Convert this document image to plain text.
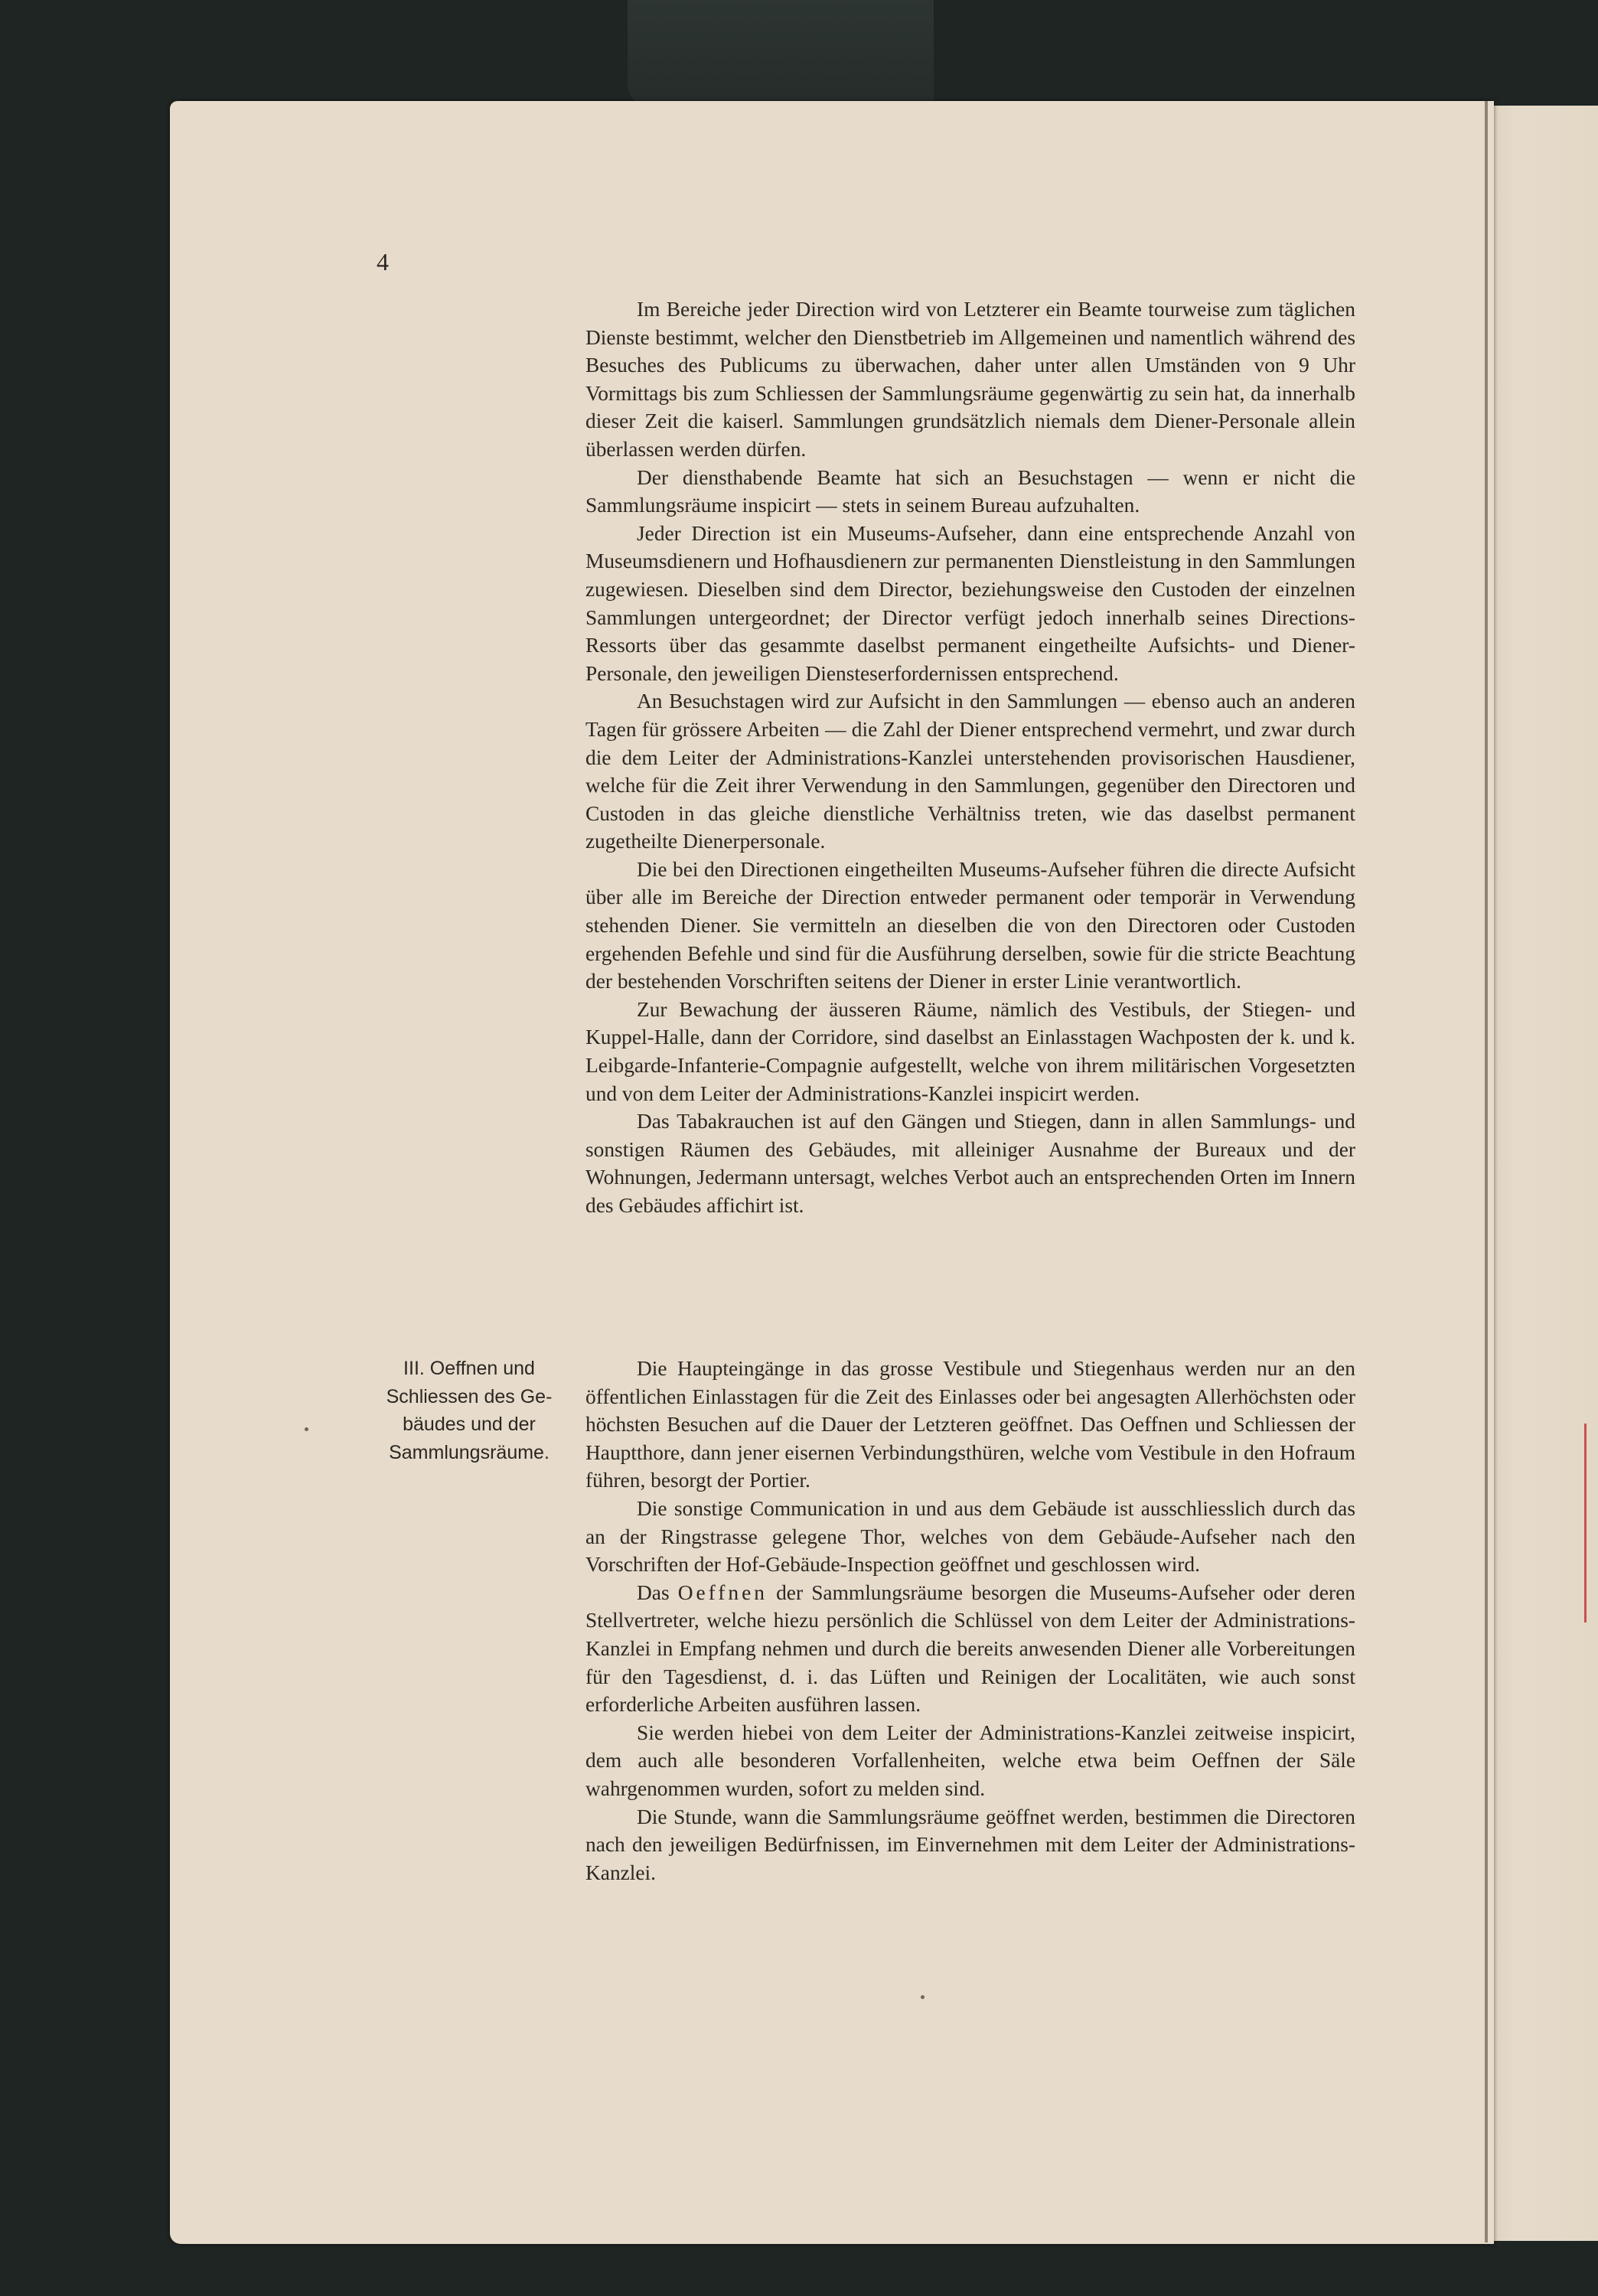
4

Im Bereiche jeder Direction wird von Letzterer ein Beamte tourweise zum täglichen Dienste bestimmt, welcher den Dienstbetrieb im Allgemeinen und namentlich während des Besuches des Publicums zu überwachen, daher unter allen Umständen von 9 Uhr Vormittags bis zum Schliessen der Sammlungsräume gegenwärtig zu sein hat, da innerhalb dieser Zeit die kaiserl. Sammlungen grundsätzlich niemals dem Diener-Personale allein überlassen werden dürfen.

Der diensthabende Beamte hat sich an Besuchstagen — wenn er nicht die Sammlungsräume inspicirt — stets in seinem Bureau aufzuhalten.

Jeder Direction ist ein Museums-Aufseher, dann eine entsprechende Anzahl von Museumsdienern und Hofhausdienern zur permanenten Dienstleistung in den Sammlungen zugewiesen. Dieselben sind dem Director, beziehungsweise den Custoden der einzelnen Sammlungen untergeordnet; der Director verfügt jedoch innerhalb seines Directions-Ressorts über das gesammte daselbst permanent eingetheilte Aufsichts- und Diener-Personale, den jeweiligen Diensteserfordernissen entsprechend.

An Besuchstagen wird zur Aufsicht in den Sammlungen — ebenso auch an anderen Tagen für grössere Arbeiten — die Zahl der Diener entsprechend vermehrt, und zwar durch die dem Leiter der Administrations-Kanzlei unterstehenden provisorischen Hausdiener, welche für die Zeit ihrer Verwendung in den Sammlungen, gegenüber den Directoren und Custoden in das gleiche dienstliche Verhältniss treten, wie das daselbst permanent zugetheilte Dienerpersonale.

Die bei den Directionen eingetheilten Museums-Aufseher führen die directe Aufsicht über alle im Bereiche der Direction entweder permanent oder temporär in Verwendung stehenden Diener. Sie vermitteln an dieselben die von den Directoren oder Custoden ergehenden Befehle und sind für die Ausführung derselben, sowie für die stricte Beachtung der bestehenden Vorschriften seitens der Diener in erster Linie verantwortlich.

Zur Bewachung der äusseren Räume, nämlich des Vestibuls, der Stiegen- und Kuppel-Halle, dann der Corridore, sind daselbst an Einlasstagen Wachposten der k. und k. Leibgarde-Infanterie-Compagnie aufgestellt, welche von ihrem militärischen Vorgesetzten und von dem Leiter der Administrations-Kanzlei inspicirt werden.

Das Tabakrauchen ist auf den Gängen und Stiegen, dann in allen Sammlungs- und sonstigen Räumen des Gebäudes, mit alleiniger Ausnahme der Bureaux und der Wohnungen, Jedermann untersagt, welches Verbot auch an entsprechenden Orten im Innern des Gebäudes affichirt ist.

III. Oeffnen und Schliessen des Gebäudes und der Sammlungsräume.

Die Haupteingänge in das grosse Vestibule und Stiegenhaus werden nur an den öffentlichen Einlasstagen für die Zeit des Einlasses oder bei angesagten Allerhöchsten oder höchsten Besuchen auf die Dauer der Letzteren geöffnet. Das Oeffnen und Schliessen der Hauptthore, dann jener eisernen Verbindungsthüren, welche vom Vestibule in den Hofraum führen, besorgt der Portier.

Die sonstige Communication in und aus dem Gebäude ist ausschliesslich durch das an der Ringstrasse gelegene Thor, welches von dem Gebäude-Aufseher nach den Vorschriften der Hof-Gebäude-Inspection geöffnet und geschlossen wird.

Das Oeffnen der Sammlungsräume besorgen die Museums-Aufseher oder deren Stellvertreter, welche hiezu persönlich die Schlüssel von dem Leiter der Administrations-Kanzlei in Empfang nehmen und durch die bereits anwesenden Diener alle Vorbereitungen für den Tagesdienst, d. i. das Lüften und Reinigen der Localitäten, wie auch sonst erforderliche Arbeiten ausführen lassen.

Sie werden hiebei von dem Leiter der Administrations-Kanzlei zeitweise inspicirt, dem auch alle besonderen Vorfallenheiten, welche etwa beim Oeffnen der Säle wahrgenommen wurden, sofort zu melden sind.

Die Stunde, wann die Sammlungsräume geöffnet werden, bestimmen die Directoren nach den jeweiligen Bedürfnissen, im Einvernehmen mit dem Leiter der Administrations-Kanzlei.
